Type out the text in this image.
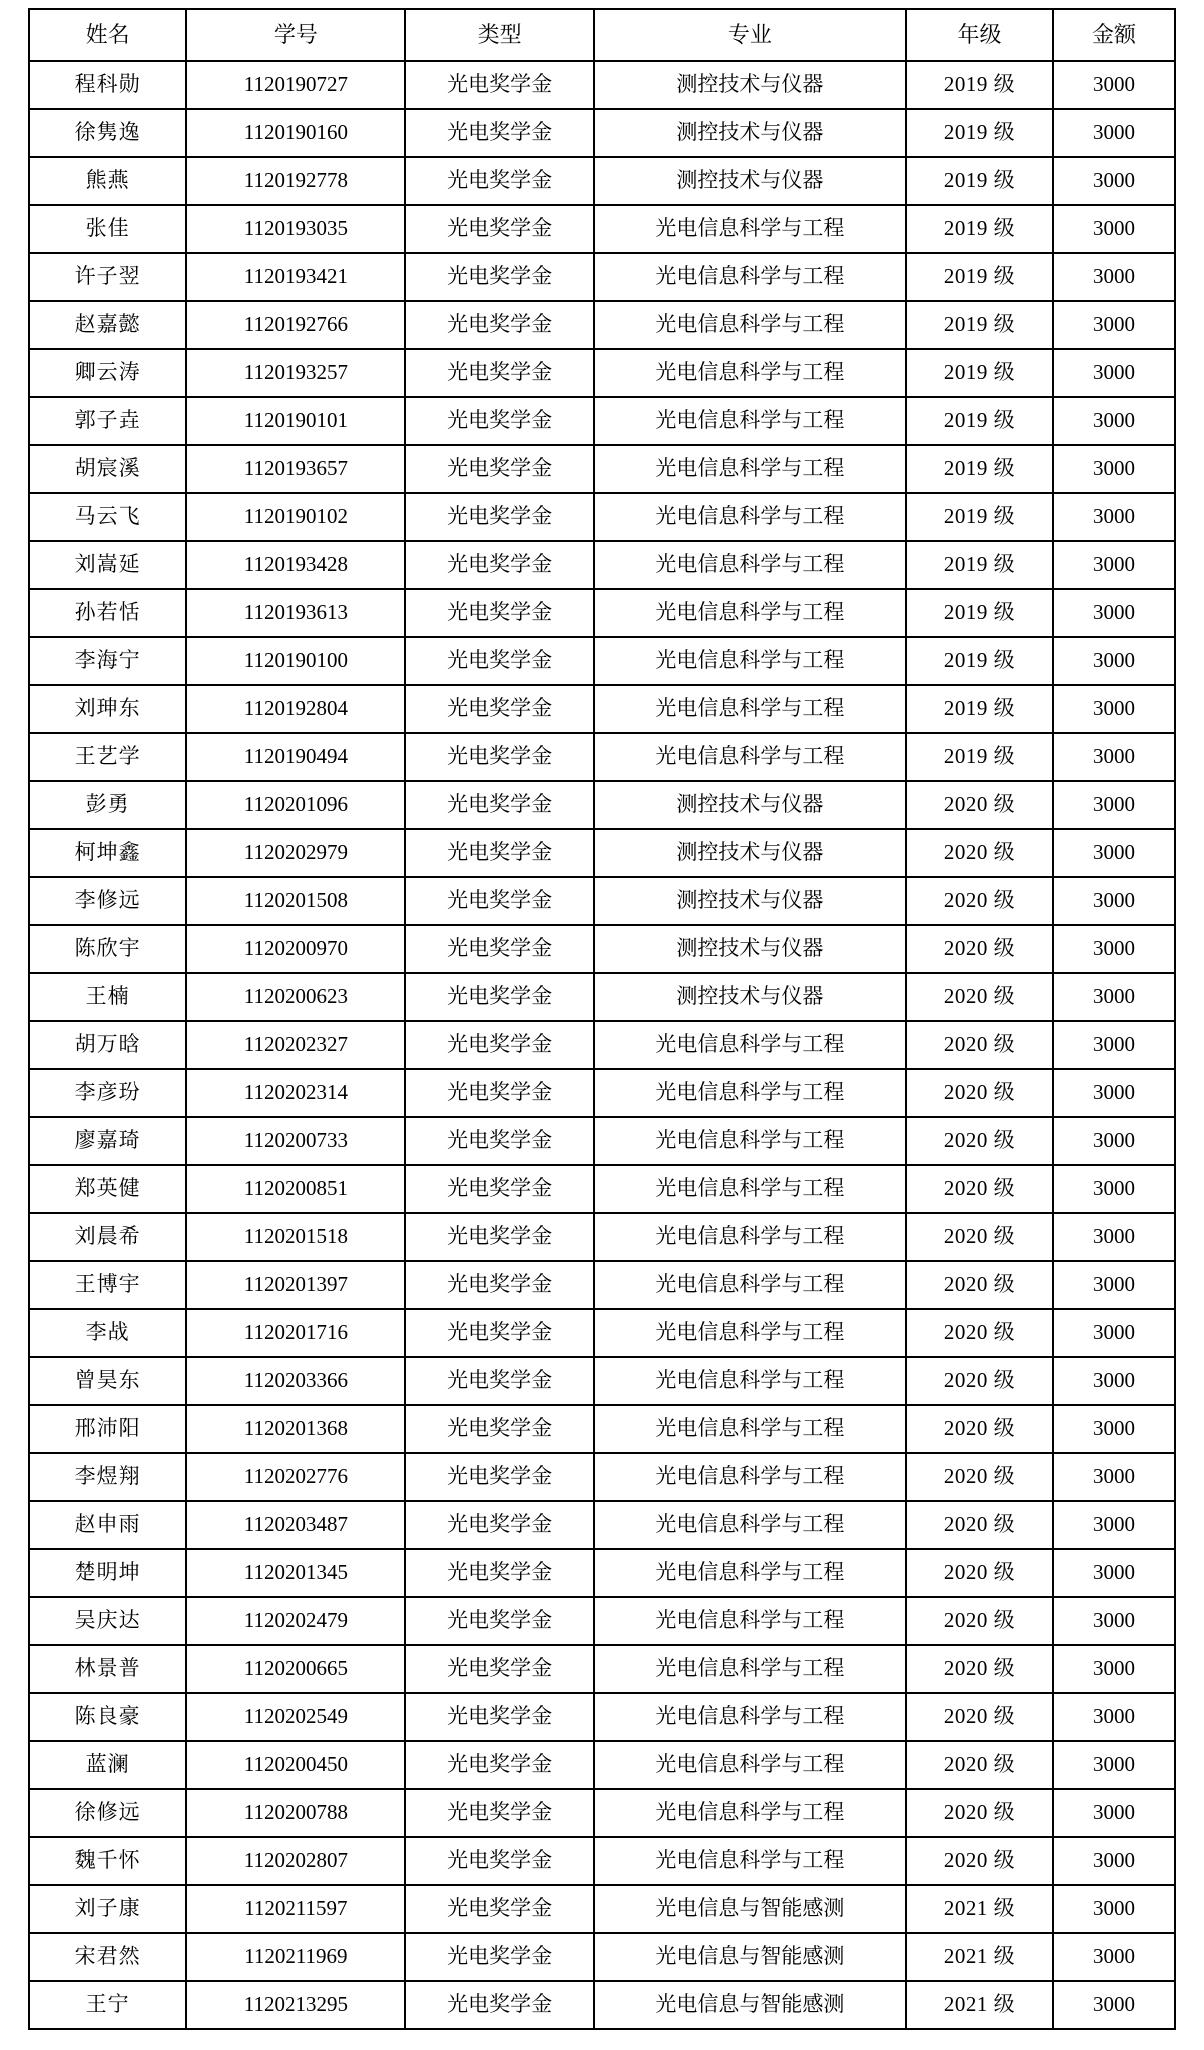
姓名	学号	类型	专业	年级	金额
程科勋	1120190727	光电奖学金	测控技术与仪器	2019 级	3000
徐隽逸	1120190160	光电奖学金	测控技术与仪器	2019 级	3000
熊燕	1120192778	光电奖学金	测控技术与仪器	2019 级	3000
张佳	1120193035	光电奖学金	光电信息科学与工程	2019 级	3000
许子翌	1120193421	光电奖学金	光电信息科学与工程	2019 级	3000
赵嘉懿	1120192766	光电奖学金	光电信息科学与工程	2019 级	3000
卿云涛	1120193257	光电奖学金	光电信息科学与工程	2019 级	3000
郭子垚	1120190101	光电奖学金	光电信息科学与工程	2019 级	3000
胡宸溪	1120193657	光电奖学金	光电信息科学与工程	2019 级	3000
马云飞	1120190102	光电奖学金	光电信息科学与工程	2019 级	3000
刘嵩延	1120193428	光电奖学金	光电信息科学与工程	2019 级	3000
孙若恬	1120193613	光电奖学金	光电信息科学与工程	2019 级	3000
李海宁	1120190100	光电奖学金	光电信息科学与工程	2019 级	3000
刘珅东	1120192804	光电奖学金	光电信息科学与工程	2019 级	3000
王艺学	1120190494	光电奖学金	光电信息科学与工程	2019 级	3000
彭勇	1120201096	光电奖学金	测控技术与仪器	2020 级	3000
柯坤鑫	1120202979	光电奖学金	测控技术与仪器	2020 级	3000
李修远	1120201508	光电奖学金	测控技术与仪器	2020 级	3000
陈欣宇	1120200970	光电奖学金	测控技术与仪器	2020 级	3000
王楠	1120200623	光电奖学金	测控技术与仪器	2020 级	3000
胡万晗	1120202327	光电奖学金	光电信息科学与工程	2020 级	3000
李彦玢	1120202314	光电奖学金	光电信息科学与工程	2020 级	3000
廖嘉琦	1120200733	光电奖学金	光电信息科学与工程	2020 级	3000
郑英健	1120200851	光电奖学金	光电信息科学与工程	2020 级	3000
刘晨希	1120201518	光电奖学金	光电信息科学与工程	2020 级	3000
王博宇	1120201397	光电奖学金	光电信息科学与工程	2020 级	3000
李战	1120201716	光电奖学金	光电信息科学与工程	2020 级	3000
曾昊东	1120203366	光电奖学金	光电信息科学与工程	2020 级	3000
邢沛阳	1120201368	光电奖学金	光电信息科学与工程	2020 级	3000
李煜翔	1120202776	光电奖学金	光电信息科学与工程	2020 级	3000
赵申雨	1120203487	光电奖学金	光电信息科学与工程	2020 级	3000
楚明坤	1120201345	光电奖学金	光电信息科学与工程	2020 级	3000
吴庆达	1120202479	光电奖学金	光电信息科学与工程	2020 级	3000
林景普	1120200665	光电奖学金	光电信息科学与工程	2020 级	3000
陈良豪	1120202549	光电奖学金	光电信息科学与工程	2020 级	3000
蓝澜	1120200450	光电奖学金	光电信息科学与工程	2020 级	3000
徐修远	1120200788	光电奖学金	光电信息科学与工程	2020 级	3000
魏千怀	1120202807	光电奖学金	光电信息科学与工程	2020 级	3000
刘子康	1120211597	光电奖学金	光电信息与智能感测	2021 级	3000
宋君然	1120211969	光电奖学金	光电信息与智能感测	2021 级	3000
王宁	1120213295	光电奖学金	光电信息与智能感测	2021 级	3000
